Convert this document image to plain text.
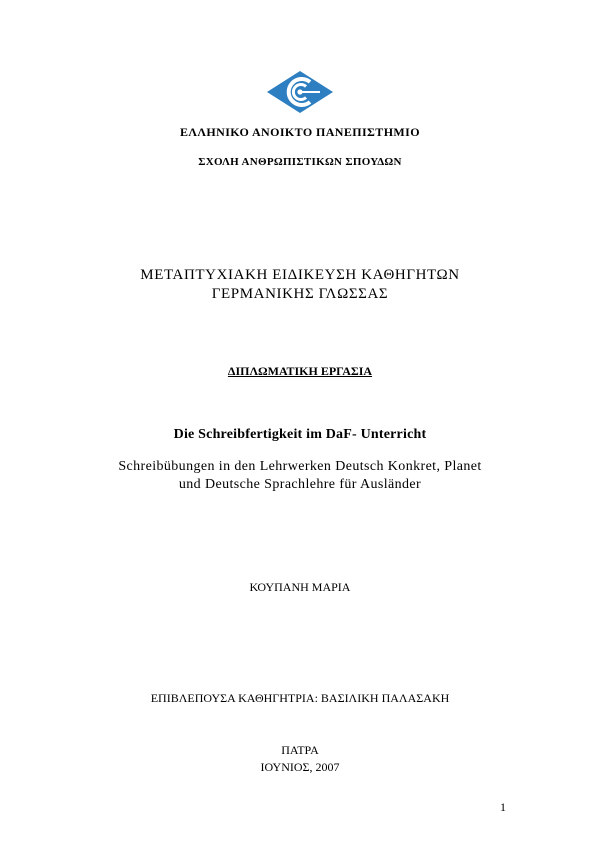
ΕΛΛΗΝΙΚΟ ΑΝΟΙΚΤΟ ΠΑΝΕΠΙΣΤΗΜΙΟ
ΣΧΟΛΗ ΑΝΘΡΩΠΙΣΤΙΚΩΝ ΣΠΟΥΔΩΝ
ΜΕΤΑΠΤΥΧΙΑΚΗ ΕΙΔΙΚΕΥΣΗ ΚΑΘΗΓΗΤΩΝ
ΓΕΡΜΑΝΙΚΗΣ ΓΛΩΣΣΑΣ
ΔΙΠΛΩΜΑΤΙΚΗ ΕΡΓΑΣΙΑ
Die Schreibfertigkeit im DaF- Unterricht
Schreibübungen in den Lehrwerken Deutsch Konkret, Planet
und Deutsche Sprachlehre für Ausländer
ΚΟΥΠΑΝΗ ΜΑΡΙΑ
ΕΠΙΒΛΕΠΟΥΣΑ ΚΑΘΗΓΗΤΡΙΑ: ΒΑΣΙΛΙΚΗ ΠΑΛΑΣΑΚΗ
ΠΑΤΡΑ
ΙΟΥΝΙΟΣ, 2007
1
